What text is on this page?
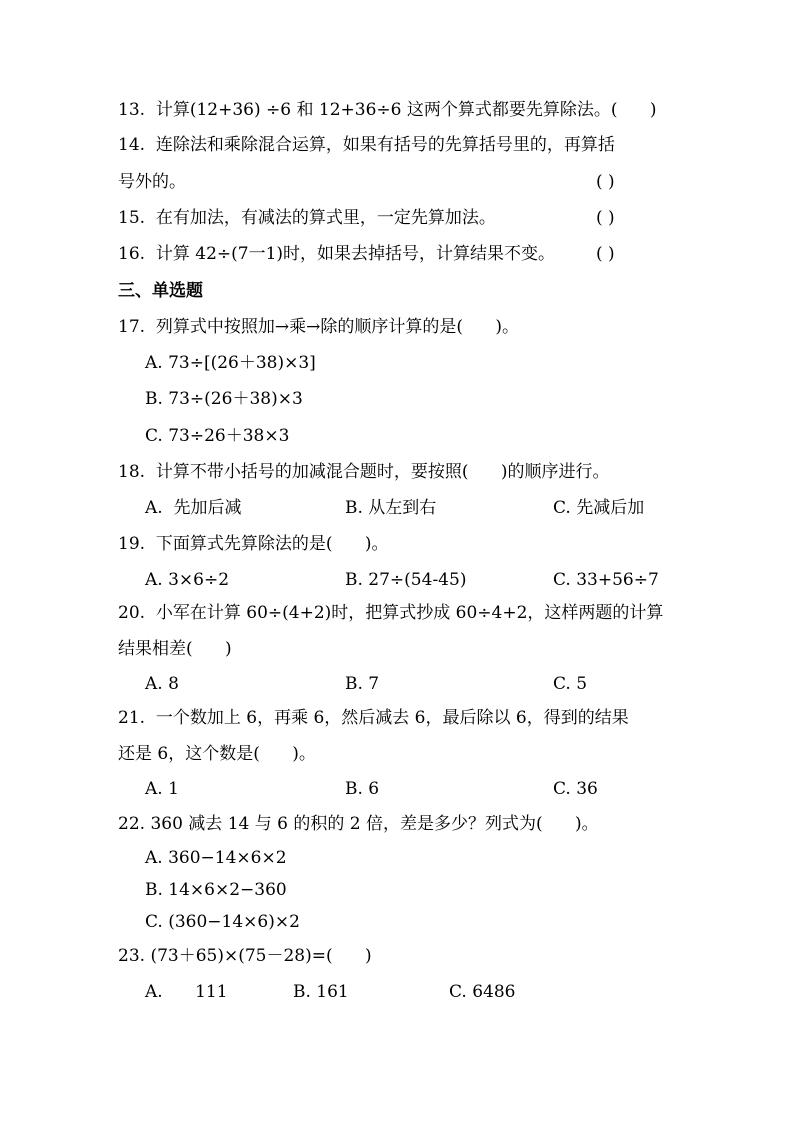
13.  计算(12+36) ÷6 和 12+36÷6 这两个算式都要先算除法。(      )
14.  连除法和乘除混合运算，如果有括号的先算括号里的，再算括
号外的。	( )
15.  在有加法，有减法的算式里，一定先算加法。	( )
16.  计算 42÷(7一1)时，如果去掉括号，计算结果不变。 ( )
三、单选题
17.  列算式中按照加→乘→除的顺序计算的是(      )。
A. 73÷[(26＋38)×3]
B. 73÷(26＋38)×3
C. 73÷26＋38×3
18.  计算不带小括号的加减混合题时，要按照(      )的顺序进行。
A.  先加后减	B. 从左到右	C. 先减后加
19.  下面算式先算除法的是(      )。
A. 3×6÷2	B. 27÷(54-45)	C. 33+56÷7
20.  小军在计算 60÷(4+2)时，把算式抄成 60÷4+2，这样两题的计算
结果相差(      )
A. 8	B. 7	C. 5
21.  一个数加上 6，再乘 6，然后减去 6，最后除以 6，得到的结果
还是 6，这个数是(      )。
A. 1	B. 6	C. 36
22. 360 减去 14 与 6 的积的 2 倍，差是多少？列式为(      )。
A. 360−14×6×2
B. 14×6×2−360
C. (360−14×6)×2
23. (73＋65)×(75－28)=(      )
A.      111	B. 161	C. 6486
